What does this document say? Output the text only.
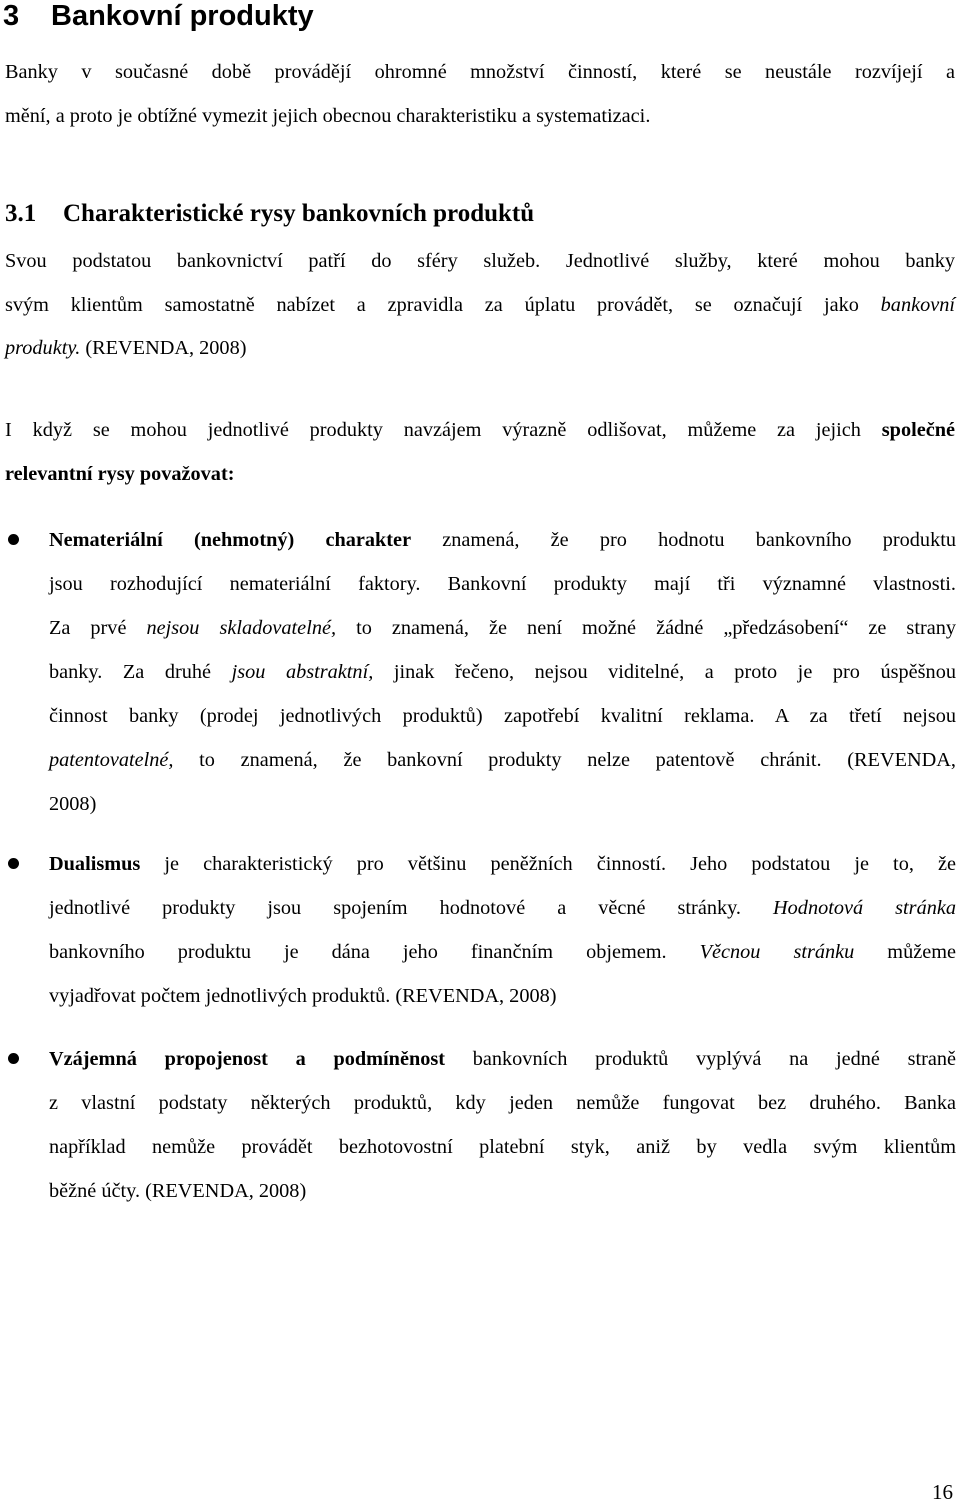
3 Bankovní produkty

Banky v současné době provádějí ohromné množství činností, které se neustále rozvíjejí a
mění, a proto je obtížné vymezit jejich obecnou charakteristiku a systematizaci.

3.1 Charakteristické rysy bankovních produktů

Svou podstatou bankovnictví patří do sféry služeb. Jednotlivé služby, které mohou banky
svým klientům samostatně nabízet a zpravidla za úplatu provádět, se označují jako bankovní
produkty. (REVENDA, 2008)

I když se mohou jednotlivé produkty navzájem výrazně odlišovat, můžeme za jejich společné
relevantní rysy považovat:

Nemateriální (nehmotný) charakter znamená, že pro hodnotu bankovního produktu
jsou rozhodující nemateriální faktory. Bankovní produkty mají tři významné vlastnosti.
Za prvé nejsou skladovatelné, to znamená, že není možné žádné „předzásobení“ ze strany
banky. Za druhé jsou abstraktní, jinak řečeno, nejsou viditelné, a proto je pro úspěšnou
činnost banky (prodej jednotlivých produktů) zapotřebí kvalitní reklama. A za třetí nejsou
patentovatelné, to znamená, že bankovní produkty nelze patentově chránit. (REVENDA,
2008)
Dualismus je charakteristický pro většinu peněžních činností. Jeho podstatou je to, že
jednotlivé produkty jsou spojením hodnotové a věcné stránky. Hodnotová stránka
bankovního produktu je dána jeho finančním objemem. Věcnou stránku můžeme
vyjadřovat počtem jednotlivých produktů. (REVENDA, 2008)
Vzájemná propojenost a podmíněnost bankovních produktů vyplývá na jedné straně
z vlastní podstaty některých produktů, kdy jeden nemůže fungovat bez druhého. Banka
například nemůže provádět bezhotovostní platební styk, aniž by vedla svým klientům
běžné účty. (REVENDA, 2008)
16
